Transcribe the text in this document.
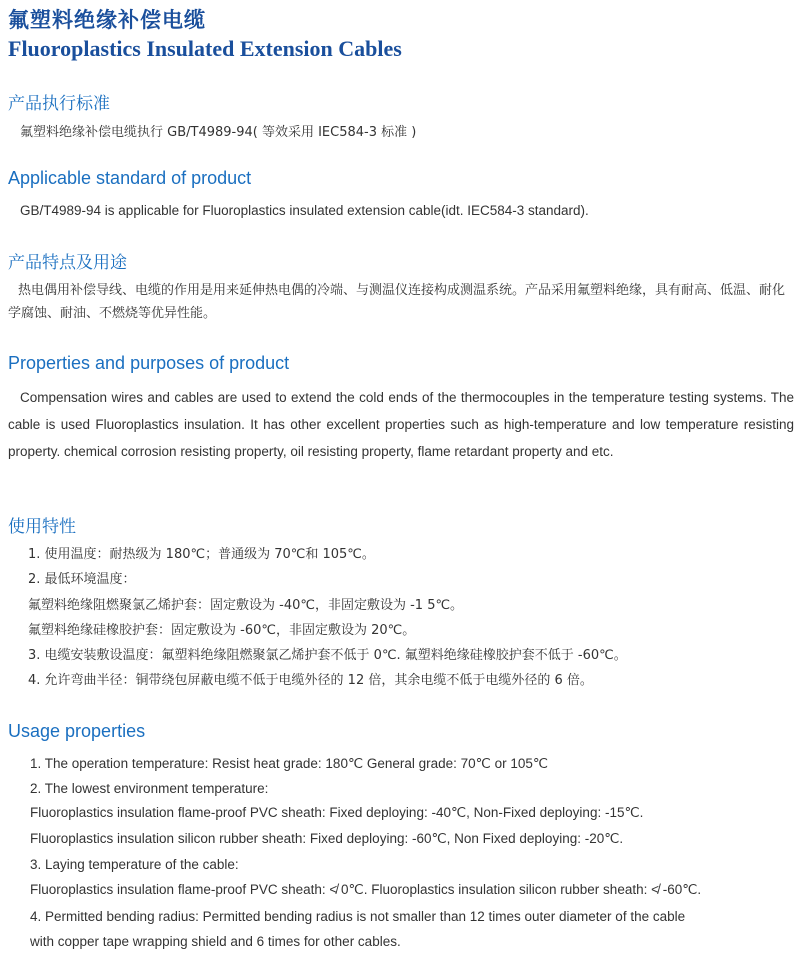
氟塑料绝缘补偿电缆
Fluoroplastics Insulated Extension Cables
产品执行标准

氟塑料绝缘补偿电缆执行 GB/T4989-94( 等效采用 IEC584-3 标准 )

Applicable standard of product

GB/T4989-94 is applicable for Fluoroplastics insulated extension cable(idt. IEC584-3 standard).

产品特点及用途

热电偶用补偿导线、电缆的作用是用来延伸热电偶的冷端、与测温仪连接构成测温系统。产品采用氟塑料绝缘，具有耐高、低温、耐化学腐蚀、耐油、不燃烧等优异性能。

Properties and purposes of product

Compensation wires and cables are used to extend the cold ends of the thermocouples in the temperature testing systems. The cable is used Fluoroplastics insulation. It has other excellent properties such as high-temperature and low temperature resisting property. chemical corrosion resisting property, oil resisting property, flame retardant property and etc.

使用特性

1. 使用温度：耐热级为 180℃；普通级为 70℃和 105℃。

2. 最低环境温度：

氟塑料绝缘阻燃聚氯乙烯护套：固定敷设为 -40℃，非固定敷设为 -1 5℃。

氟塑料绝缘硅橡胶护套：固定敷设为 -60℃，非固定敷设为 20℃。

3. 电缆安装敷设温度：氟塑料绝缘阻燃聚氯乙烯护套不低于 0℃. 氟塑料绝缘硅橡胶护套不低于 -60℃。

4. 允许弯曲半径：铜带绕包屏蔽电缆不低于电缆外径的 12 倍，其余电缆不低于电缆外径的 6 倍。

Usage properties

1. The operation temperature: Resist heat grade: 180℃ General grade: 70℃ or 105℃

2. The lowest environment temperature:

Fluoroplastics insulation flame-proof PVC sheath: Fixed deploying: -40℃, Non-Fixed deploying: -15℃.

Fluoroplastics insulation silicon rubber sheath: Fixed deploying: -60℃, Non Fixed deploying: -20℃.

3. Laying temperature of the cable:

Fluoroplastics insulation flame-proof PVC sheath: ≮ 0℃. Fluoroplastics insulation silicon rubber sheath: ≮ -60℃.

4. Permitted bending radius: Permitted bending radius is not smaller than 12 times outer diameter of the cable

with copper tape wrapping shield and 6 times for other cables.
